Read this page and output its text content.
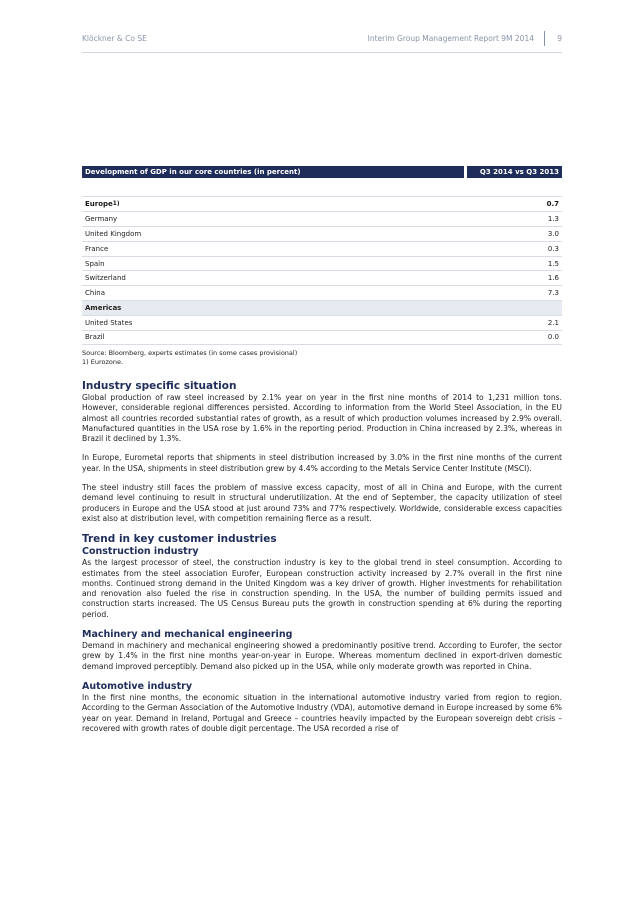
Klöckner & Co SE	Interim Group Management Report 9M 2014	9
Development of GDP in our core countries (in percent)	Q3 2014 vs Q3 2013
Europe 1)	0.7
Germany	1.3
United Kingdom	3.0
France	0.3
Spain	1.5
Switzerland	1.6
China	7.3
Americas
United States	2.1
Brazil	0.0
Source: Bloomberg, experts estimates (in some cases provisional)
1) Eurozone.
Industry specific situation

Global production of raw steel increased by 2.1% year on year in the first nine months of 2014 to 1,231 million tons. However, considerable regional differences persisted. According to information from the World Steel Association, in the EU almost all countries recorded substantial rates of growth, as a result of which production volumes increased by 2.9% overall. Manufactured quantities in the USA rose by 1.6% in the reporting period. Production in China increased by 2.3%, whereas in Brazil it declined by 1.3%.

In Europe, Eurometal reports that shipments in steel distribution increased by 3.0% in the first nine months of the current year. In the USA, shipments in steel distribution grew by 4.4% according to the Metals Service Center Institute (MSCI).

The steel industry still faces the problem of massive excess capacity, most of all in China and Europe, with the current demand level continuing to result in structural underutilization. At the end of September, the capacity utilization of steel producers in Europe and the USA stood at just around 73% and 77% respectively. Worldwide, considerable excess capacities exist also at distribution level, with competition remaining fierce as a result.

Trend in key customer industries
Construction industry

As the largest processor of steel, the construction industry is key to the global trend in steel consumption. According to estimates from the steel association Eurofer, European construction activity increased by 2.7% overall in the first nine months. Continued strong demand in the United Kingdom was a key driver of growth. Higher investments for rehabilitation and renovation also fueled the rise in construction spending. In the USA, the number of building permits issued and construction starts increased. The US Census Bureau puts the growth in construction spending at 6% during the reporting period.

Machinery and mechanical engineering

Demand in machinery and mechanical engineering showed a predominantly positive trend. According to Eurofer, the sector grew by 1.4% in the first nine months year-on-year in Europe. Whereas momentum declined in export-driven domestic demand improved perceptibly. Demand also picked up in the USA, while only moderate growth was reported in China.

Automotive industry

In the first nine months, the economic situation in the international automotive industry varied from region to region. According to the German Association of the Automotive Industry (VDA), automotive demand in Europe increased by some 6% year on year. Demand in Ireland, Portugal and Greece – countries heavily impacted by the European sovereign debt crisis – recovered with growth rates of double digit percentage. The USA recorded a rise of
